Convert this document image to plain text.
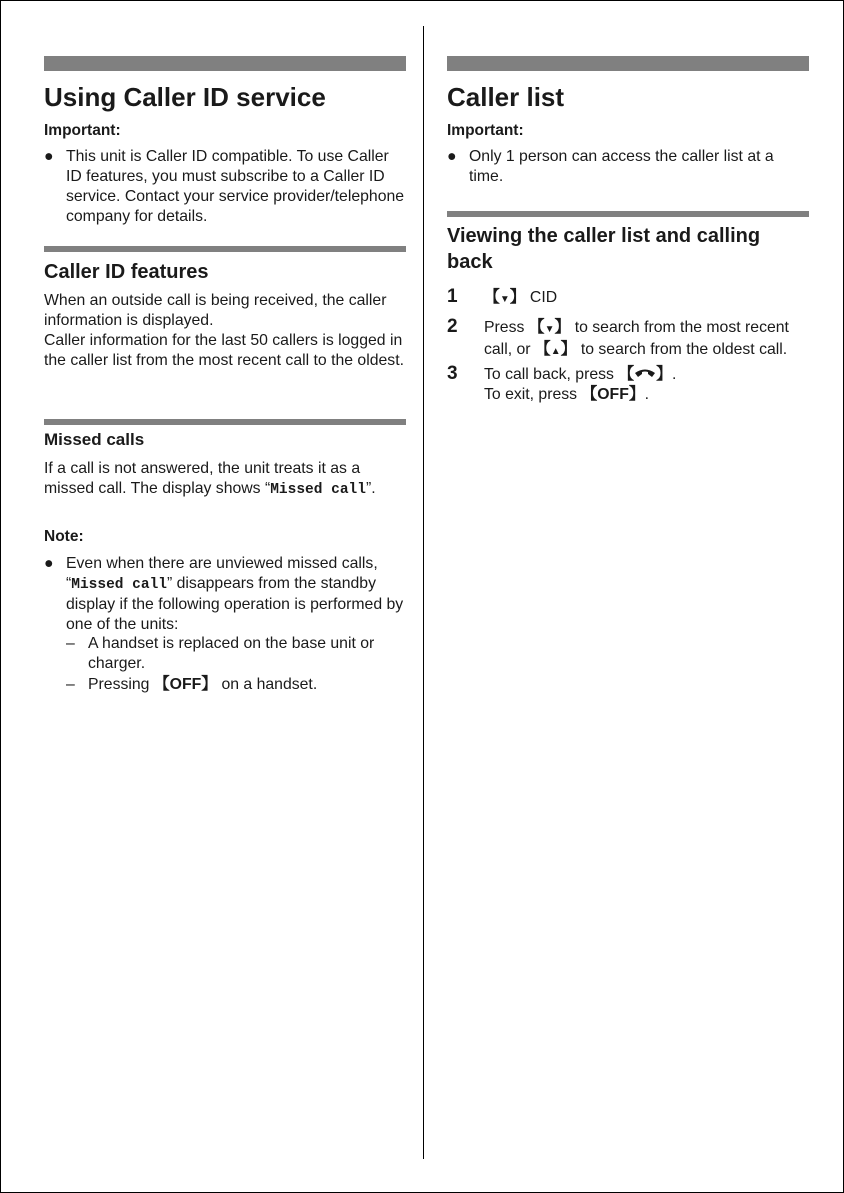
Using Caller ID service
Important:
● This unit is Caller ID compatible. To use Caller ID features, you must subscribe to a Caller ID service. Contact your service provider/telephone company for details.
Caller ID features
When an outside call is being received, the caller information is displayed.
Caller information for the last 50 callers is logged in the caller list from the most recent call to the oldest.
Missed calls
If a call is not answered, the unit treats it as a missed call. The display shows “Missed call”.
Note:
● Even when there are unviewed missed calls, “Missed call” disappears from the standby display if the following operation is performed by one of the units:
– A handset is replaced on the base unit or charger.
– Pressing 【OFF】 on a handset.
Caller list
Important:
● Only 1 person can access the caller list at a time.
Viewing the caller list and calling back
1 【▼】 CID
2 Press 【▼】 to search from the most recent call, or 【▲】 to search from the oldest call.
3 To call back, press 【 】.
To exit, press 【OFF】.
